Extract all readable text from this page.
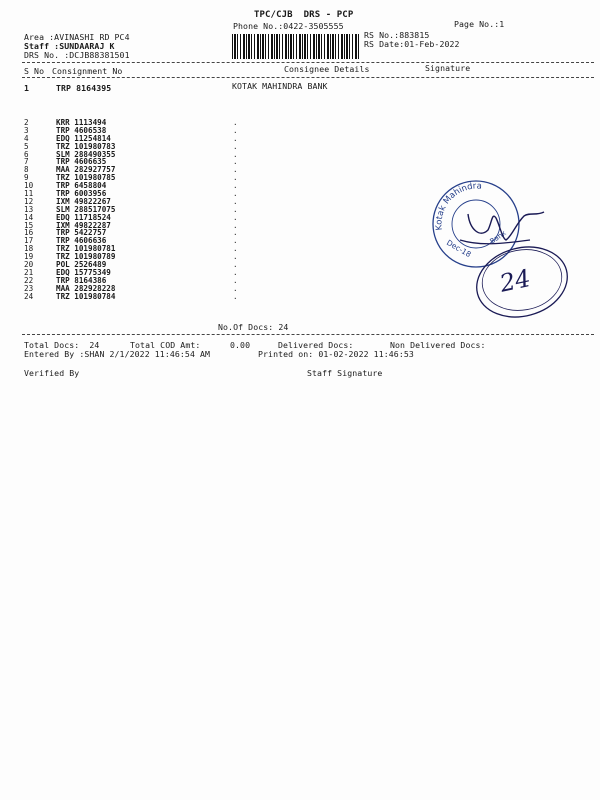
TPC/CJB  DRS - PCP
Phone No.:0422-3505555	Page No.:1
Area :AVINASHI RD PC4
Staff :SUNDAARAJ K
DRS No. :DCJB88381501
RS No.:883815
RS Date:01-Feb-2022
S No Consignment No	Consignee Details	Signature
1	TRP 8164395	KOTAK MAHINDRA BANK
2	KRR 1113494	.
3	TRP 4606538	.
4	EDQ 11254814	.
5	TRZ 101980783	.
6	SLM 288490355	.
7	TRP 4606635	.
8	MAA 282927757	.
9	TRZ 101980785	.
10	TRP 6458804	.
11	TRP 6003956	.
12	IXM 49822267	.
13	SLM 288517075	.
14	EDQ 11718524	.
15	IXM 49822287	.
16	TRP 5422757	.
17	TRP 4606636	.
18	TRZ 101980781	.
19	TRZ 101980789	.
20	POL 2526489	.
21	EDQ 15775349	.
22	TRP 8164386	.
23	MAA 282928228	.
24	TRZ 101980784	.
No.Of Docs: 24
Total Docs:  24	Total COD Amt:	0.00	Delivered Docs:	Non Delivered Docs:
Entered By :SHAN 2/1/2022 11:46:54 AM	Printed on: 01-02-2022 11:46:53
Verified By	Staff Signature
Kotak Mahindra
Bank
Dec-18
24
